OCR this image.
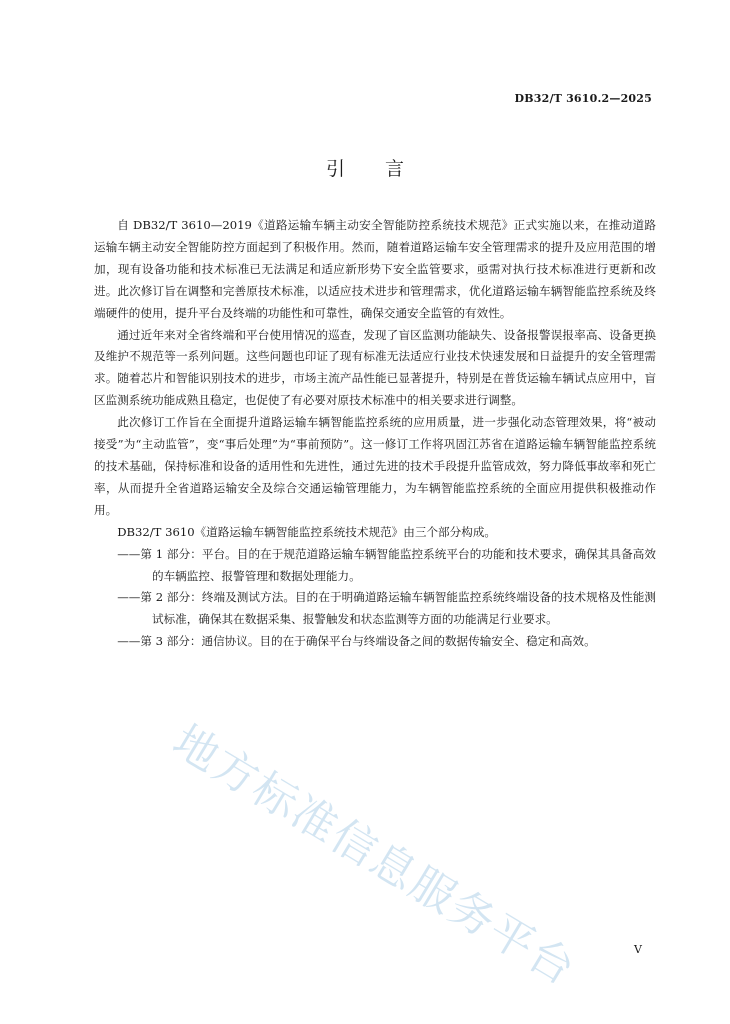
DB32/T 3610.2—2025
引言

自 DB32/T 3610—2019《道路运输车辆主动安全智能防控系统技术规范》正式实施以来，在推动道路运输车辆主动安全智能防控方面起到了积极作用。然而，随着道路运输车安全管理需求的提升及应用范围的增加，现有设备功能和技术标准已无法满足和适应新形势下安全监管要求，亟需对执行技术标准进行更新和改进。此次修订旨在调整和完善原技术标准，以适应技术进步和管理需求，优化道路运输车辆智能监控系统及终端硬件的使用，提升平台及终端的功能性和可靠性，确保交通安全监管的有效性。

通过近年来对全省终端和平台使用情况的巡查，发现了盲区监测功能缺失、设备报警误报率高、设备更换及维护不规范等一系列问题。这些问题也印证了现有标准无法适应行业技术快速发展和日益提升的安全管理需求。随着芯片和智能识别技术的进步，市场主流产品性能已显著提升，特别是在普货运输车辆试点应用中，盲区监测系统功能成熟且稳定，也促使了有必要对原技术标准中的相关要求进行调整。

此次修订工作旨在全面提升道路运输车辆智能监控系统的应用质量，进一步强化动态管理效果，将“被动接受”为“主动监管”，变“事后处理”为“事前预防”。这一修订工作将巩固江苏省在道路运输车辆智能监控系统的技术基础，保持标准和设备的适用性和先进性，通过先进的技术手段提升监管成效，努力降低事故率和死亡率，从而提升全省道路运输安全及综合交通运输管理能力，为车辆智能监控系统的全面应用提供积极推动作用。

DB32/T 3610《道路运输车辆智能监控系统技术规范》由三个部分构成。

——第 1 部分：平台。目的在于规范道路运输车辆智能监控系统平台的功能和技术要求，确保其具备高效的车辆监控、报警管理和数据处理能力。

——第 2 部分：终端及测试方法。目的在于明确道路运输车辆智能监控系统终端设备的技术规格及性能测试标准，确保其在数据采集、报警触发和状态监测等方面的功能满足行业要求。

——第 3 部分：通信协议。目的在于确保平台与终端设备之间的数据传输安全、稳定和高效。

地方标准信息服务平台	V
